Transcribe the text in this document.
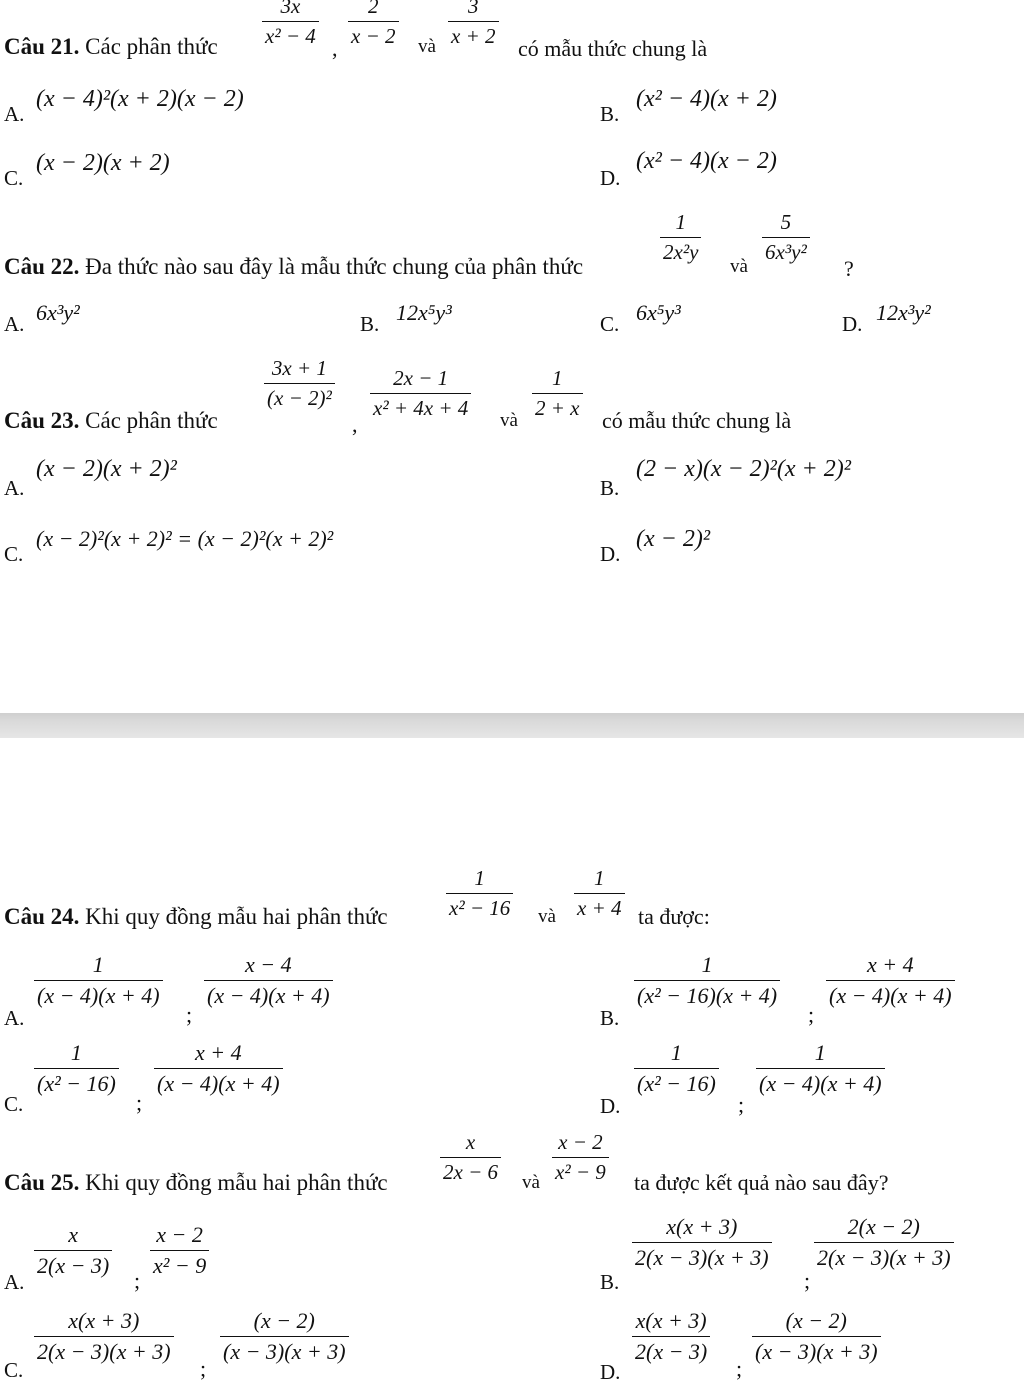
Câu 21. Các phân thức $\frac{3x}{\text{x² − 4}}$ , $\frac{2}{x - 2}$ và $\frac{3}{x + 2}$ có mẫu thức chung là
A.
(x − 4)²(x + 2)(x − 2)
B.
(x² − 4)(x + 2)
C.
(x − 2)(x + 2)
D.
(x² − 4)(x − 2)
Câu 22. Đa thức nào sau đây là mẫu thức chung của phân thức
$\frac{1}{\text{2x²y}}$
và
$\frac{5}{\text{6x³y²}}$
?
A. 6x³y²	B. 12x⁵y³	C. 6x⁵y³	D. 12x³y²
Câu 23. Các phân thức
$\frac{3x + 1}{\text{(x − 2)²}}$
,
$\frac{2x - 1}{\text{x² + 4x + 4}}$ và $\frac{1}{2 + x}$ có mẫu thức chung là
A.
(x − 2)(x + 2)²
B.
(2 − x)(x − 2)²(x + 2)²
C.
(x − 2)²(x + 2)² = (x − 2)²(x + 2)²
D.
(x − 2)²
Câu 24. Khi quy đồng mẫu hai phân thức	$\frac{1}{\text{x² − 16}}$ và $\frac{1}{x + 4}$ ta được:
A.
$\frac{1}{(x - 4)(x + 4)}$
;
$\frac{x - 4}{(x - 4)(x + 4)}$
B.
$\frac{1}{\text{(x² − 16)(x + 4)}}$
;
$\frac{x + 4}{(x - 4)(x + 4)}$
C.
$\frac{1}{\text{(x² − 16)}}$
;
$\frac{x + 4}{(x - 4)(x + 4)}$
D.
$\frac{1}{\text{(x² − 16)}}$
;
$\frac{1}{(x - 4)(x + 4)}$
Câu 25. Khi quy đồng mẫu hai phân thức $\frac{x}{2x - 6}$ và $\frac{x - 2}{\text{x² − 9}}$ ta được kết quả nào sau đây?
A.
$\frac{x}{2(x - 3)}$
;
$\frac{x - 2}{\text{x² − 9}}$
B.
$\frac{x(x + 3)}{2(x - 3)(x + 3)}$
;
$\frac{2(x - 2)}{2(x - 3)(x + 3)}$
C.
$\frac{x(x + 3)}{2(x - 3)(x + 3)}$
;
$\frac{(x - 2)}{(x - 3)(x + 3)}$
D.
$\frac{x(x + 3)}{2(x - 3)}$
;
$\frac{(x - 2)}{(x - 3)(x + 3)}$
